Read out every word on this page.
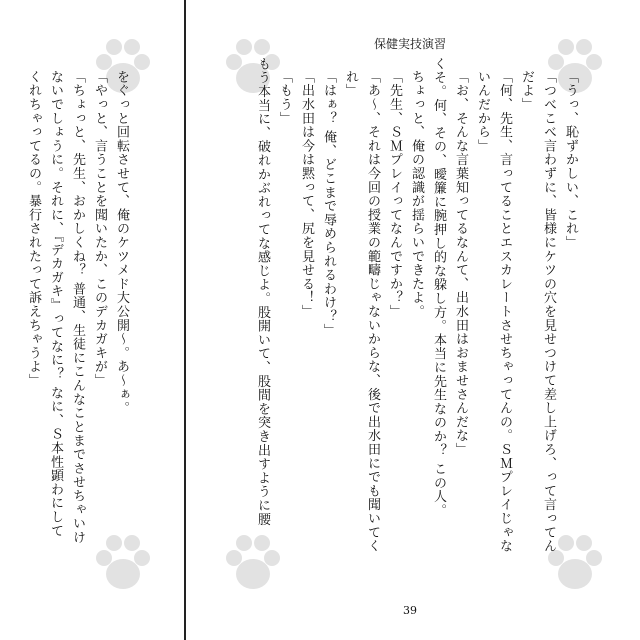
保健実技演習
39
「うっ、恥ずかしい、これ」
「つべこべ言わずに、皆様にケツの穴を見せつけて差し上げろ、って言ってん
だよ」
「何、先生、言ってることエスカレートさせちゃってんの。ＳＭプレイじゃな
いんだから」
「お、そんな言葉知ってるなんて、出水田はおませさんだな」
くそ。何、その、曖簾に腕押し的な躱し方。本当に先生なのか？ この人。
ちょっと、俺の認識が揺らいできたよ。
「先生、ＳＭプレイってなんですか？」
「あ～、それは今回の授業の範疇じゃないからな、後で出水田にでも聞いてく
れ」
「はぁ？ 俺、どこまで辱められるわけ？」
「出水田は今は黙って、尻を見せる！」
「もう」
もう本当に、破れかぶれってな感じよ。股開いて、股間を突き出すように腰
をぐっと回転させて、俺のケツメド大公開～。あ～ぁ。
「やっと、言うことを聞いたか、このデカガキが」
「ちょっと、先生、おかしくね？ 普通、生徒にこんなことまでさせちゃいけ
ないでしょうに。それに、『デカガキ』ってなに？ なに、Ｓ本性顕わにして
くれちゃってるの。暴行されたって訴えちゃうよ」
